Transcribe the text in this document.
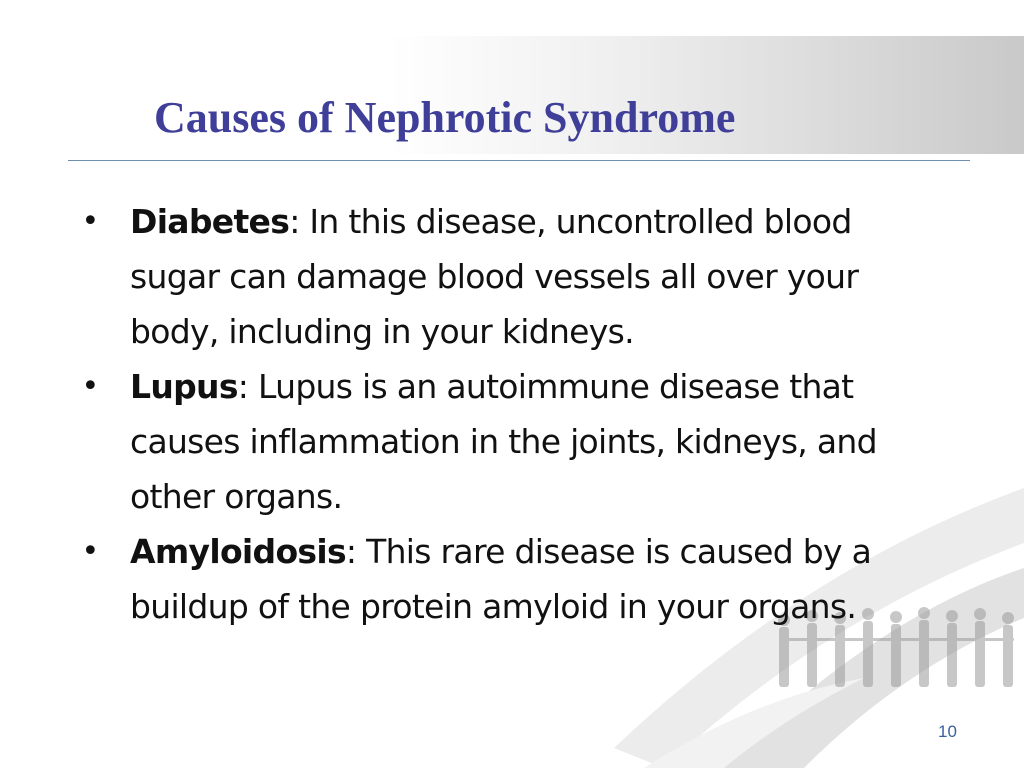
Causes of Nephrotic Syndrome
• Diabetes: In this disease, uncontrolled blood sugar can damage blood vessels all over your body, including in your kidneys.
• Lupus: Lupus is an autoimmune disease that causes inflammation in the joints, kidneys, and other organs.
• Amyloidosis: This rare disease is caused by a buildup of the protein amyloid in your organs.
10
